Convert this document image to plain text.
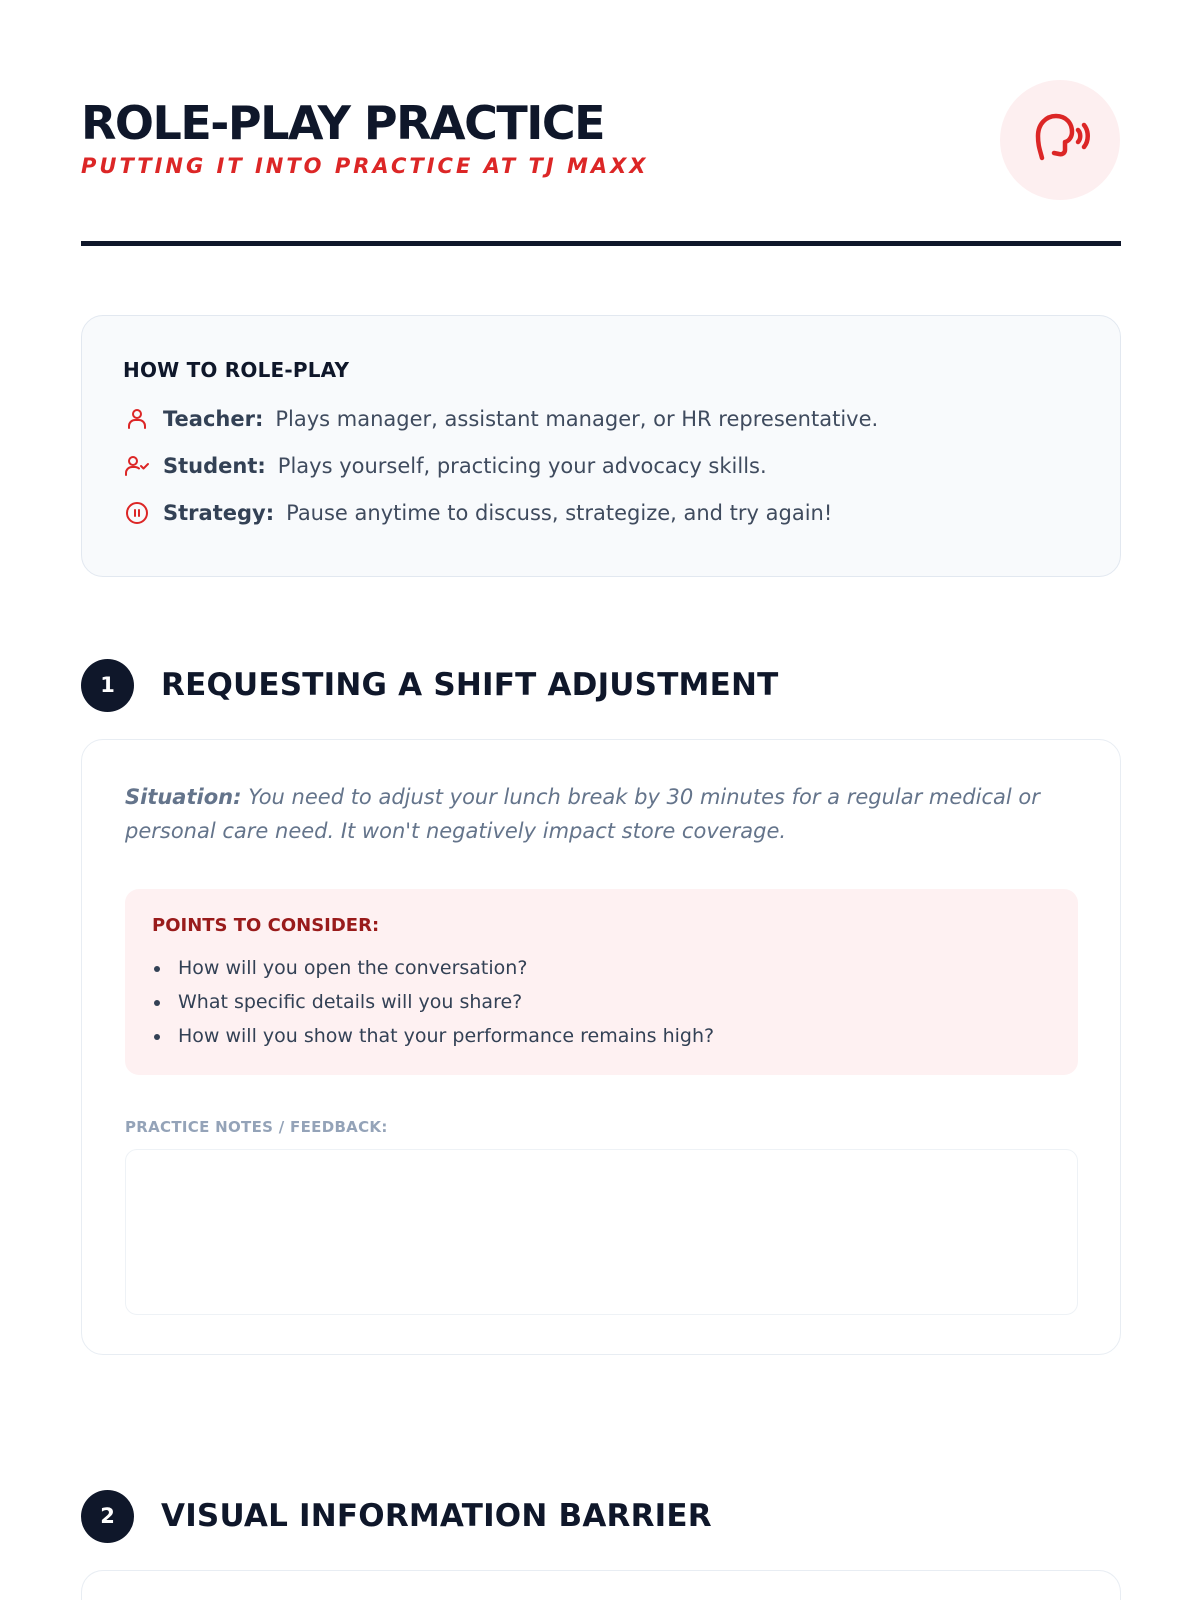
ROLE-PLAY PRACTICE
PUTTING IT INTO PRACTICE AT TJ MAXX
HOW TO ROLE-PLAY
Teacher: Plays manager, assistant manager, or HR representative.
Student: Plays yourself, practicing your advocacy skills.
Strategy: Pause anytime to discuss, strategize, and try again!
1	REQUESTING A SHIFT ADJUSTMENT
Situation: You need to adjust your lunch break by 30 minutes for a regular medical or personal care need. It won't negatively impact store coverage.
POINTS TO CONSIDER:
How will you open the conversation?
What specific details will you share?
How will you show that your performance remains high?
PRACTICE NOTES / FEEDBACK:
2	VISUAL INFORMATION BARRIER
